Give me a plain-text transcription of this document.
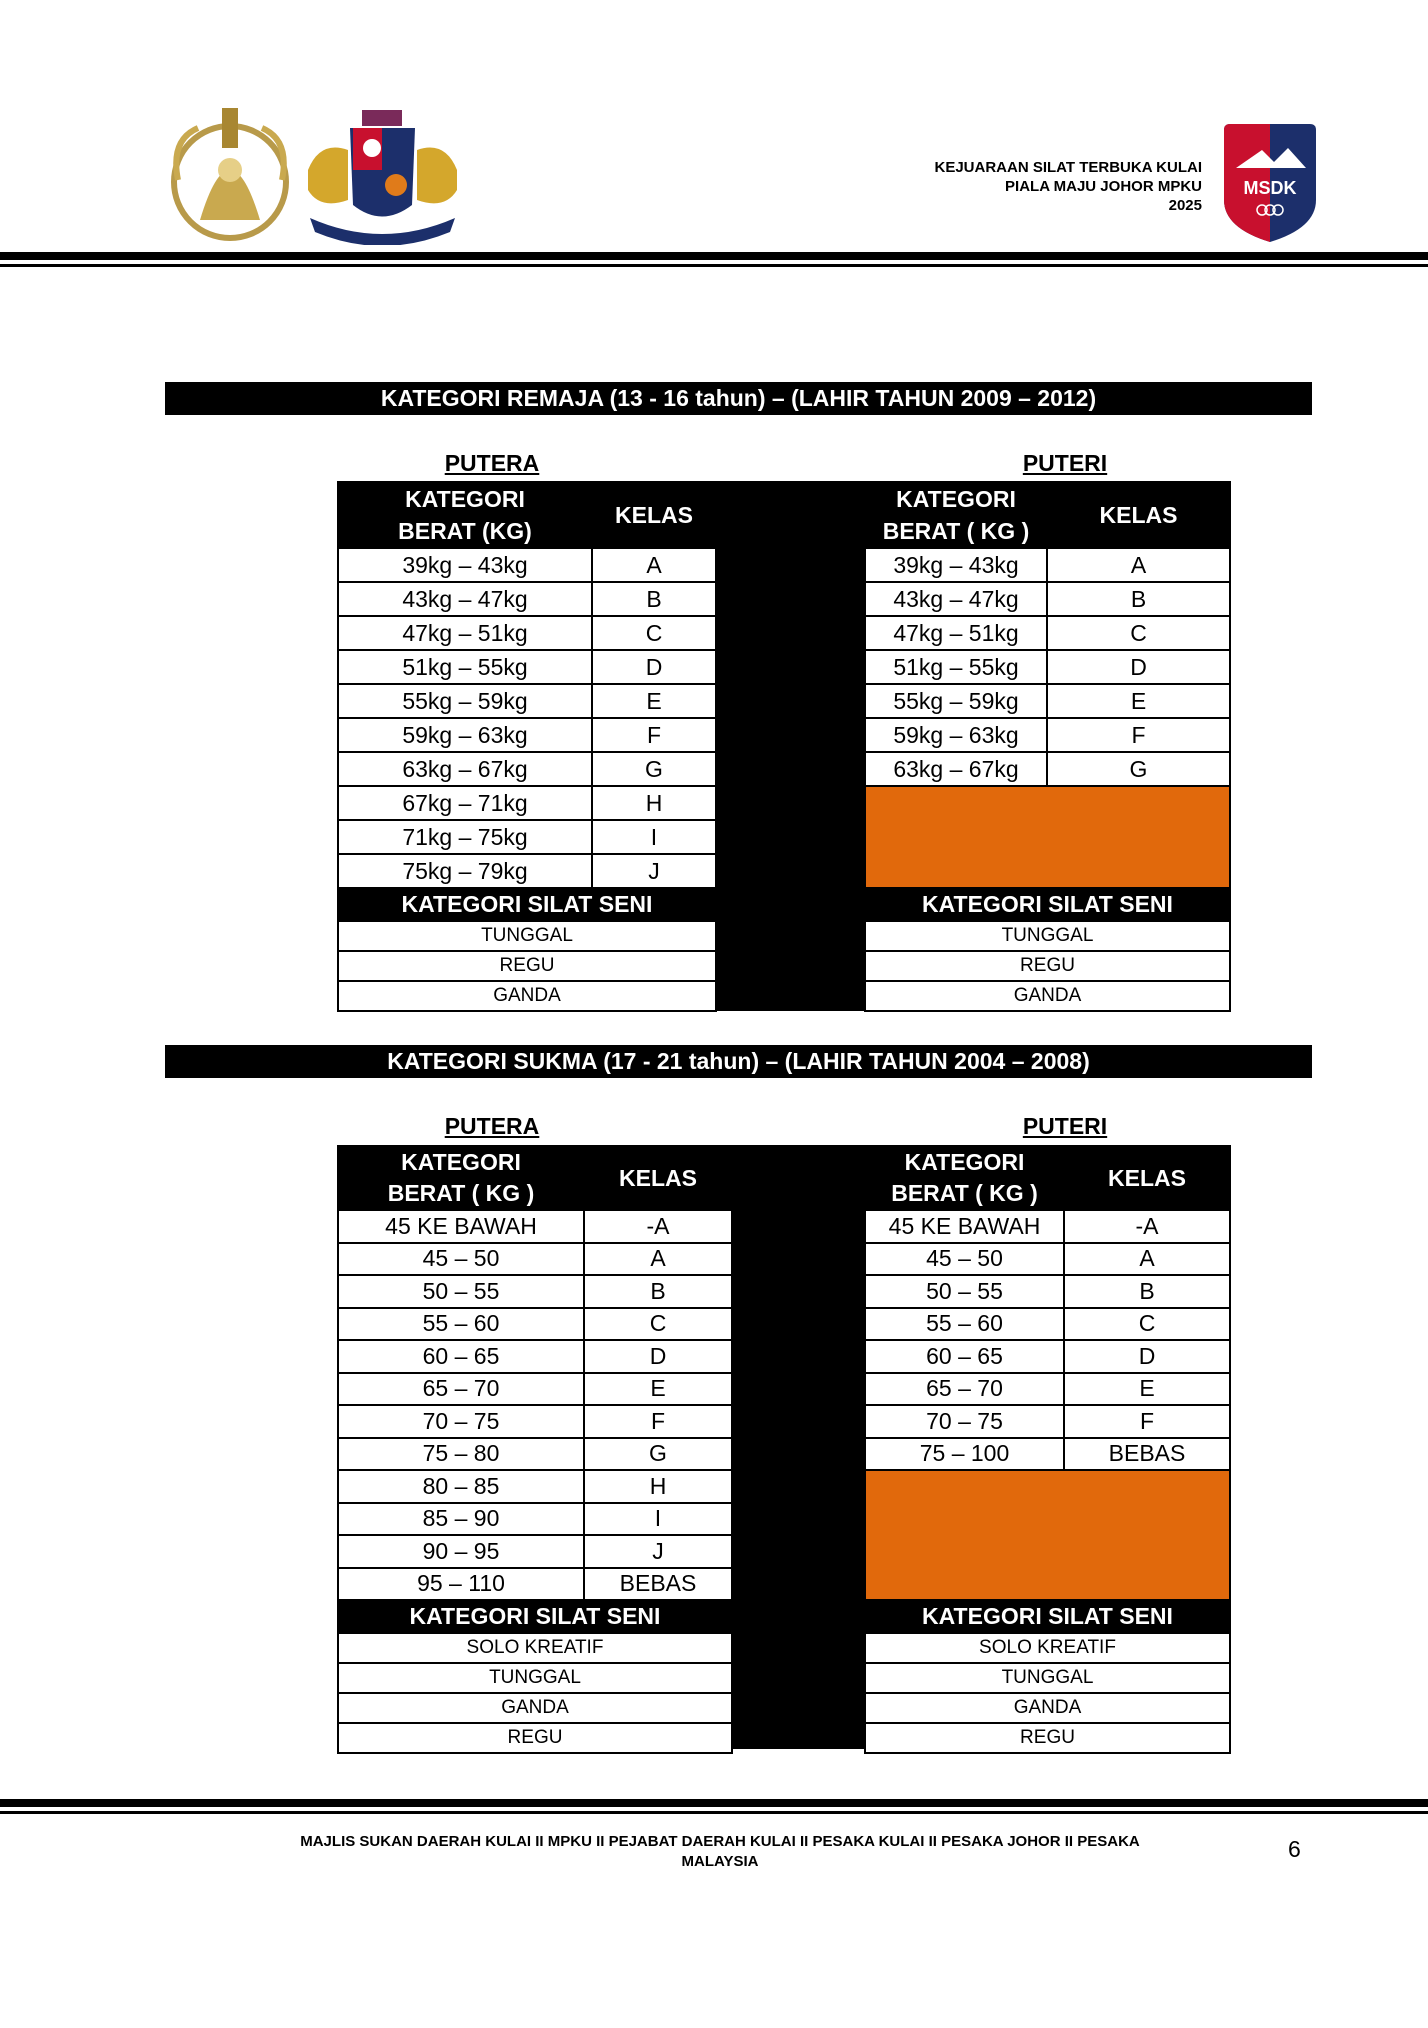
KEJUARAAN SILAT TERBUKA KULAI
PIALA MAJU JOHOR MPKU
2025
MSDK
KATEGORI REMAJA (13 - 16 tahun) – (LAHIR TAHUN 2009 – 2012)
PUTERA	PUTERI
KATEGORI
BERAT (KG)	KELAS
39kg – 43kg	A
43kg – 47kg	B
47kg – 51kg	C
51kg – 55kg	D
55kg – 59kg	E
59kg – 63kg	F
63kg – 67kg	G
67kg – 71kg	H
71kg – 75kg	I
75kg – 79kg	J
KATEGORI SILAT SENI	
TUNGGAL	
REGU	
GANDA	
KATEGORI
BERAT ( KG )	KELAS
39kg – 43kg	A
43kg – 47kg	B
47kg – 51kg	C
51kg – 55kg	D
55kg – 59kg	E
59kg – 63kg	F
63kg – 67kg	G

KATEGORI SILAT SENI	
TUNGGAL	
REGU	
GANDA	
KATEGORI SUKMA (17 - 21 tahun) – (LAHIR TAHUN 2004 – 2008)
PUTERA	PUTERI
KATEGORI
BERAT ( KG )	KELAS
45 KE BAWAH	-A
45 – 50	A
50 – 55	B
55 – 60	C
60 – 65	D
65 – 70	E
70 – 75	F
75 – 80	G
80 – 85	H
85 – 90	I
90 – 95	J
95 – 110	BEBAS
KATEGORI SILAT SENI	
SOLO KREATIF	
TUNGGAL	
GANDA	
REGU	
KATEGORI
BERAT ( KG )	KELAS
45 KE BAWAH	-A
45 – 50	A
50 – 55	B
55 – 60	C
60 – 65	D
65 – 70	E
70 – 75	F
75 – 100	BEBAS

KATEGORI SILAT SENI	
SOLO KREATIF	
TUNGGAL	
GANDA	
REGU	
MAJLIS SUKAN DAERAH KULAI II MPKU II PEJABAT DAERAH KULAI II PESAKA KULAI II PESAKA JOHOR II PESAKA
MALAYSIA	6
